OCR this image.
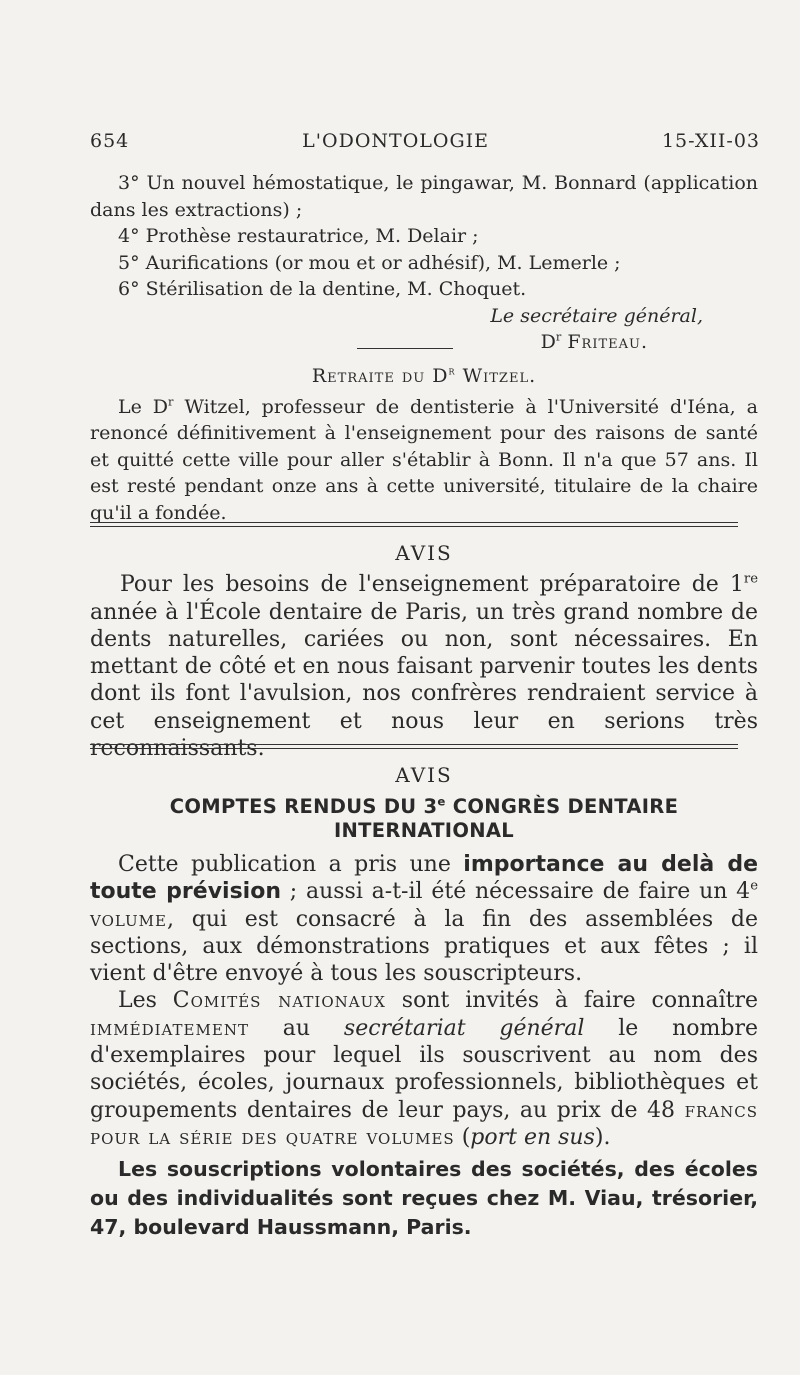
654	L'ODONTOLOGIE	15-XII-03

3° Un nouvel hémostatique, le pingawar, M. Bonnard (application dans les extractions) ;

4° Prothèse restauratrice, M. Delair ;

5° Aurifications (or mou et or adhésif), M. Lemerle ;

6° Stérilisation de la dentine, M. Choquet.

Le secrétaire général,

$D^r$ Friteau.

Retraite du $D^r$ Witzel.

Le $D^r$ Witzel, professeur de dentisterie à l'Université d'Iéna, a renoncé définitivement à l'enseignement pour des raisons de santé et quitté cette ville pour aller s'établir à Bonn. Il n'a que 57 ans. Il est resté pendant onze ans à cette université, titulaire de la chaire qu'il a fondée.

AVIS

Pour les besoins de l'enseignement préparatoire de 1re année à l'École dentaire de Paris, un très grand nombre de dents naturelles, cariées ou non, sont nécessaires. En mettant de côté et en nous faisant parvenir toutes les dents dont ils font l'avulsion, nos confrères rendraient service à cet enseignement et nous leur en serions très reconnaissants.

AVIS

COMPTES RENDUS DU 3e CONGRÈS DENTAIRE

INTERNATIONAL

Cette publication a pris une importance au delà de toute prévision ; aussi a-t-il été nécessaire de faire un 4e volume, qui est consacré à la fin des assemblées de sections, aux démonstrations pratiques et aux fêtes ; il vient d'être envoyé à tous les souscripteurs.

Les Comités nationaux sont invités à faire connaître immédiatement au secrétariat général le nombre d'exemplaires pour lequel ils souscrivent au nom des sociétés, écoles, journaux professionnels, bibliothèques et groupements dentaires de leur pays, au prix de 48 francs pour la série des quatre volumes (port en sus).

Les souscriptions volontaires des sociétés, des écoles ou des individualités sont reçues chez M. Viau, trésorier, 47, boulevard Haussmann, Paris.
